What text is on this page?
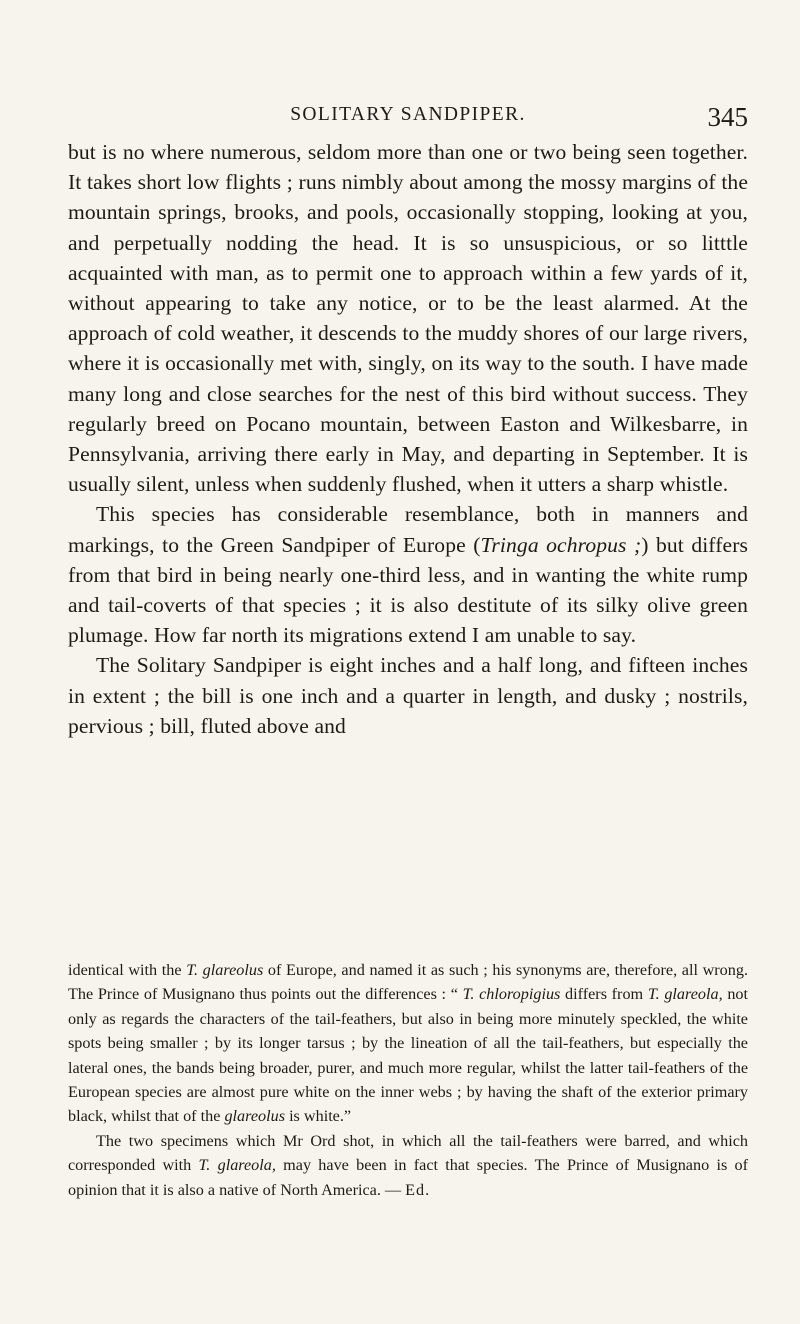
SOLITARY SANDPIPER.	345

but is no where numerous, seldom more than one or two being seen together. It takes short low flights ; runs nimbly about among the mossy margins of the mountain springs, brooks, and pools, occasionally stopping, looking at you, and perpetually nodding the head. It is so unsuspicious, or so litttle acquainted with man, as to permit one to approach within a few yards of it, without appearing to take any notice, or to be the least alarmed. At the approach of cold weather, it descends to the muddy shores of our large rivers, where it is occasionally met with, singly, on its way to the south. I have made many long and close searches for the nest of this bird without success. They regularly breed on Pocano mountain, between Easton and Wilkesbarre, in Pennsylvania, arriving there early in May, and departing in September. It is usually silent, unless when suddenly flushed, when it utters a sharp whistle.

This species has considerable resemblance, both in manners and markings, to the Green Sandpiper of Europe (Tringa ochropus ;) but differs from that bird in being nearly one-third less, and in wanting the white rump and tail-coverts of that species ; it is also destitute of its silky olive green plumage. How far north its migrations extend I am unable to say.

The Solitary Sandpiper is eight inches and a half long, and fifteen inches in extent ; the bill is one inch and a quarter in length, and dusky ; nostrils, pervious ; bill, fluted above and

identical with the T. glareolus of Europe, and named it as such ; his synonyms are, therefore, all wrong. The Prince of Musignano thus points out the differences : “ T. chloropigius differs from T. glareola, not only as regards the characters of the tail-feathers, but also in being more minutely speckled, the white spots being smaller ; by its longer tarsus ; by the lineation of all the tail-feathers, but especially the lateral ones, the bands being broader, purer, and much more regular, whilst the latter tail-feathers of the European species are almost pure white on the inner webs ; by having the shaft of the exterior primary black, whilst that of the glareolus is white.”

The two specimens which Mr Ord shot, in which all the tail-feathers were barred, and which corresponded with T. glareola, may have been in fact that species. The Prince of Musignano is of opinion that it is also a native of North America. — Ed.
